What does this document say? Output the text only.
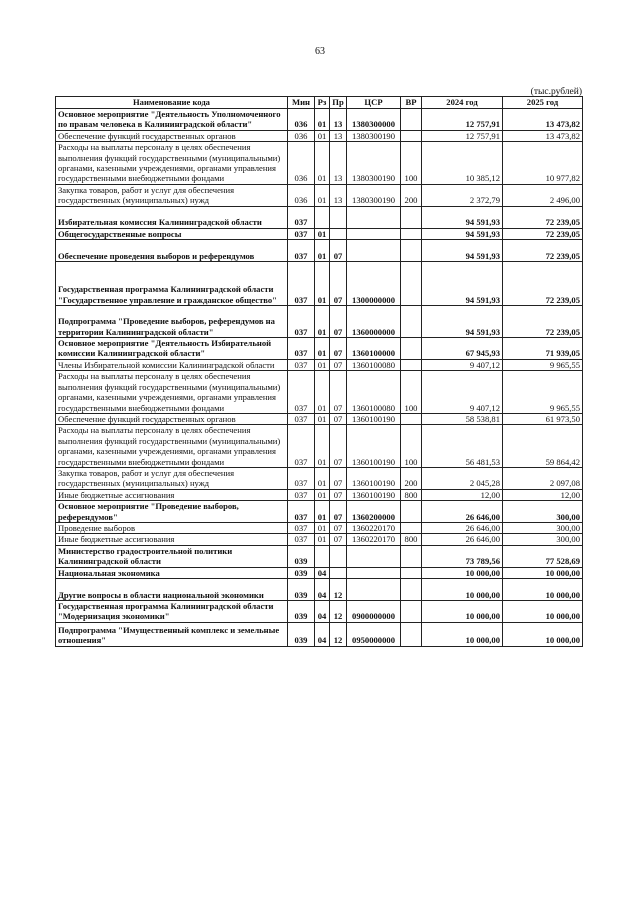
63
(тыс.рублей)
Наименование кода	Мин	Рз	Пр	ЦСР	ВР	2024 год	2025 год
Основное мероприятие "Деятельность Уполномоченного по правам человека в Калининградской области"	036	01	13	1380300000		12 757,91	13 473,82
Обеспечение функций государственных органов	036	01	13	1380300190		12 757,91	13 473,82
Расходы на выплаты персоналу в целях обеспечения выполнения функций государственными (муниципальными) органами, казенными учреждениями, органами управления государственными внебюджетными фондами	036	01	13	1380300190	100	10 385,12	10 977,82
Закупка товаров, работ и услуг для обеспечения государственных (муниципальных) нужд	036	01	13	1380300190	200	2 372,79	2 496,00
Избирательная комиссия Калининградской области	037					94 591,93	72 239,05
Общегосударственные вопросы	037	01				94 591,93	72 239,05
Обеспечение проведения выборов и референдумов	037	01	07			94 591,93	72 239,05
Государственная программа Калининградской области "Государственное управление и гражданское общество"	037	01	07	1300000000		94 591,93	72 239,05
Подпрограмма "Проведение выборов, референдумов на территории Калининградской области"	037	01	07	1360000000		94 591,93	72 239,05
Основное мероприятие "Деятельность Избирательной комиссии Калининградской области"	037	01	07	1360100000		67 945,93	71 939,05
Члены Избирательной комиссии Калининградской области	037	01	07	1360100080		9 407,12	9 965,55
Расходы на выплаты персоналу в целях обеспечения выполнения функций государственными (муниципальными) органами, казенными учреждениями, органами управления государственными внебюджетными фондами	037	01	07	1360100080	100	9 407,12	9 965,55
Обеспечение функций государственных органов	037	01	07	1360100190		58 538,81	61 973,50
Расходы на выплаты персоналу в целях обеспечения выполнения функций государственными (муниципальными) органами, казенными учреждениями, органами управления государственными внебюджетными фондами	037	01	07	1360100190	100	56 481,53	59 864,42
Закупка товаров, работ и услуг для обеспечения государственных (муниципальных) нужд	037	01	07	1360100190	200	2 045,28	2 097,08
Иные бюджетные ассигнования	037	01	07	1360100190	800	12,00	12,00
Основное мероприятие "Проведение выборов, референдумов"	037	01	07	1360200000		26 646,00	300,00
Проведение выборов	037	01	07	1360220170		26 646,00	300,00
Иные бюджетные ассигнования	037	01	07	1360220170	800	26 646,00	300,00
Министерство градостроительной политики Калининградской области	039					73 789,56	77 528,69
Национальная экономика	039	04				10 000,00	10 000,00
Другие вопросы в области национальной экономики	039	04	12			10 000,00	10 000,00
Государственная программа Калининградской области "Модернизация экономики"	039	04	12	0900000000		10 000,00	10 000,00
Подпрограмма "Имущественный комплекс и земельные отношения"	039	04	12	0950000000		10 000,00	10 000,00
